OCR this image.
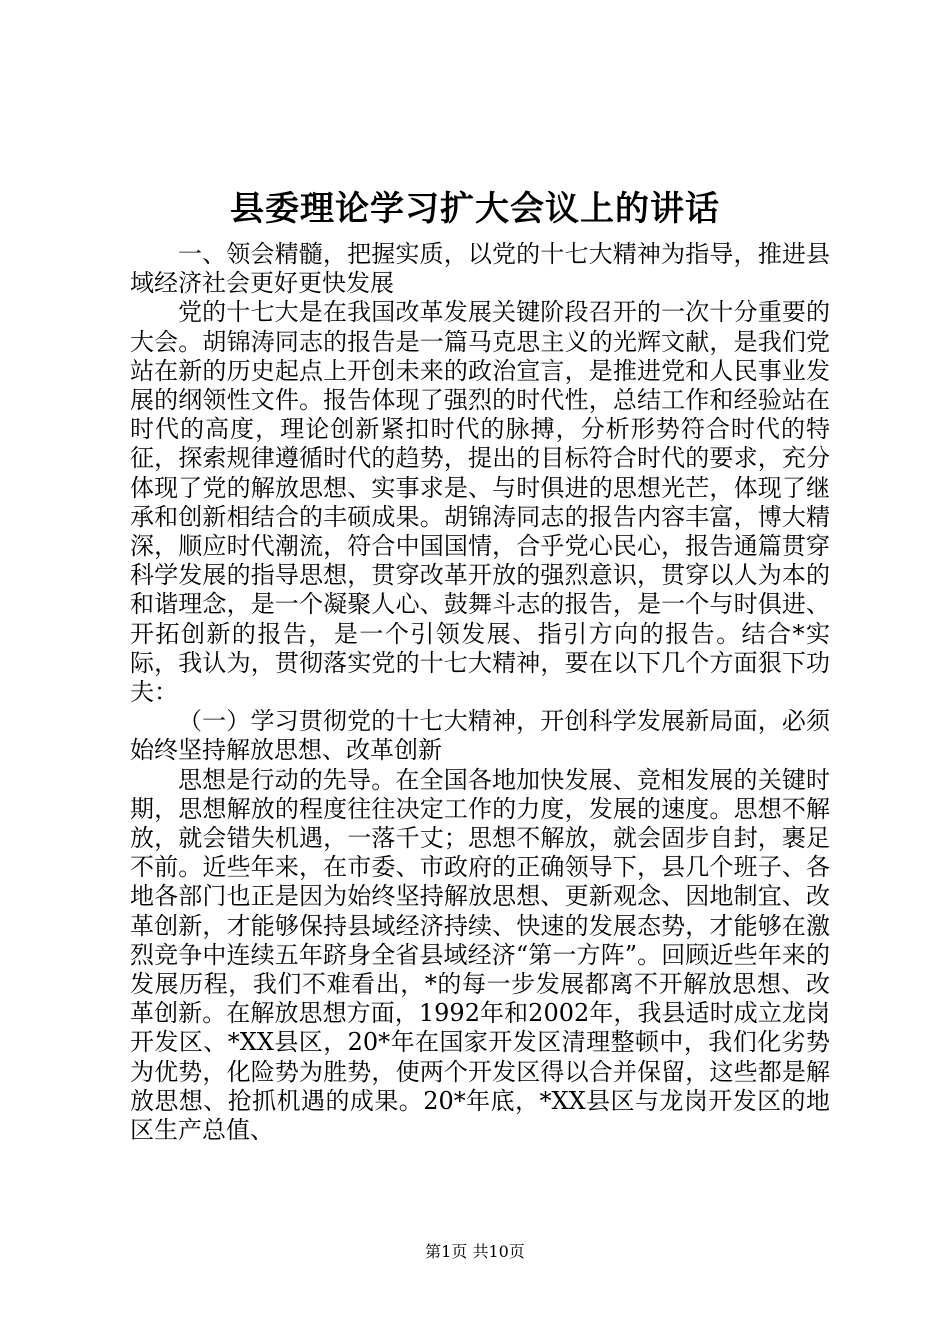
县委理论学习扩大会议上的讲话

一、领会精髓，把握实质，以党的十七大精神为指导，推进县域经济社会更好更快发展

党的十七大是在我国改革发展关键阶段召开的一次十分重要的大会。胡锦涛同志的报告是一篇马克思主义的光辉文献，是我们党站在新的历史起点上开创未来的政治宣言，是推进党和人民事业发展的纲领性文件。报告体现了强烈的时代性，总结工作和经验站在时代的高度，理论创新紧扣时代的脉搏，分析形势符合时代的特征，探索规律遵循时代的趋势，提出的目标符合时代的要求，充分体现了党的解放思想、实事求是、与时俱进的思想光芒，体现了继承和创新相结合的丰硕成果。胡锦涛同志的报告内容丰富，博大精深，顺应时代潮流，符合中国国情，合乎党心民心，报告通篇贯穿科学发展的指导思想，贯穿改革开放的强烈意识，贯穿以人为本的和谐理念，是一个凝聚人心、鼓舞斗志的报告，是一个与时俱进、开拓创新的报告，是一个引领发展、指引方向的报告。结合*实际，我认为，贯彻落实党的十七大精神，要在以下几个方面狠下功夫：

（一）学习贯彻党的十七大精神，开创科学发展新局面，必须始终坚持解放思想、改革创新

思想是行动的先导。在全国各地加快发展、竞相发展的关键时期，思想解放的程度往往决定工作的力度，发展的速度。思想不解放，就会错失机遇，一落千丈；思想不解放，就会固步自封，裹足不前。近些年来，在市委、市政府的正确领导下，县几个班子、各地各部门也正是因为始终坚持解放思想、更新观念、因地制宜、改革创新，才能够保持县域经济持续、快速的发展态势，才能够在激烈竞争中连续五年跻身全省县域经济“第一方阵”。回顾近些年来的发展历程，我们不难看出，*的每一步发展都离不开解放思想、改革创新。在解放思想方面，1992年和2002年，我县适时成立龙岗开发区、*XX县区，20*年在国家开发区清理整顿中，我们化劣势为优势，化险势为胜势，使两个开发区得以合并保留，这些都是解放思想、抢抓机遇的成果。20*年底，*XX县区与龙岗开发区的地区生产总值、

第1页 共10页
